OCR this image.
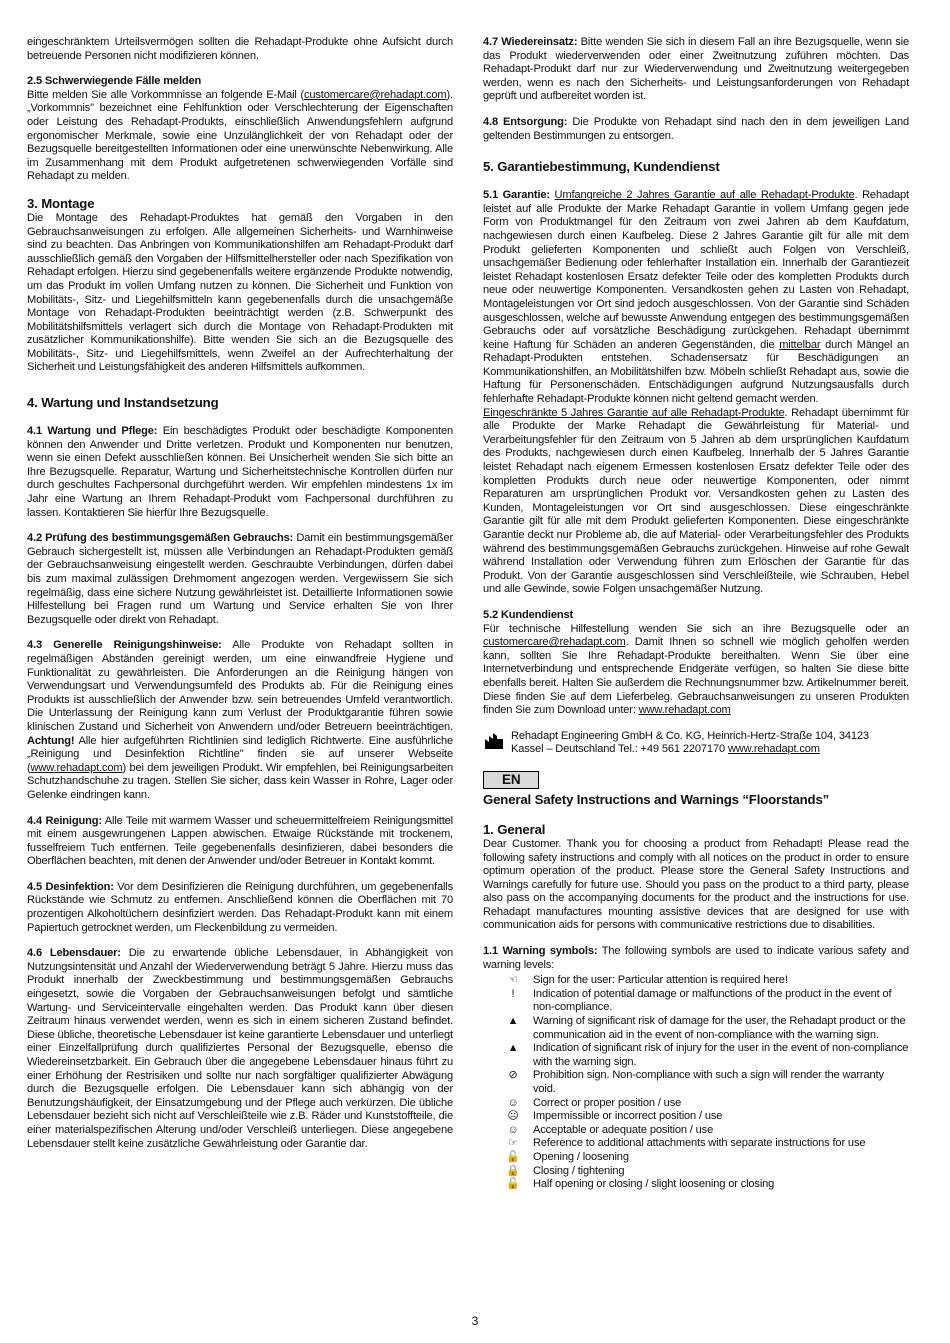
eingeschränktem Urteilsvermögen sollten die Rehadapt-Produkte ohne Aufsicht durch betreuende Personen nicht modifizieren können.

2.5 Schwerwiegende Fälle melden

Bitte melden Sie alle Vorkommnisse an folgende E-Mail (customercare@rehadapt.com). „Vorkommnis" bezeichnet eine Fehlfunktion oder Verschlechterung der Eigenschaften oder Leistung des Rehadapt-Produkts, einschließlich Anwendungsfehlern aufgrund ergonomischer Merkmale, sowie eine Unzulänglichkeit der von Rehadapt oder der Bezugsquelle bereitgestellten Informationen oder eine unerwünschte Nebenwirkung. Alle im Zusammenhang mit dem Produkt aufgetretenen schwerwiegenden Vorfälle sind Rehadapt zu melden.

3. Montage

Die Montage des Rehadapt-Produktes hat gemäß den Vorgaben in den Gebrauchsanweisungen zu erfolgen. Alle allgemeinen Sicherheits- und Warnhinweise sind zu beachten. Das Anbringen von Kommunikationshilfen am Rehadapt-Produkt darf ausschließlich gemäß den Vorgaben der Hilfsmittelhersteller oder nach Spezifikation von Rehadapt erfolgen. Hierzu sind gegebenenfalls weitere ergänzende Produkte notwendig, um das Produkt im vollen Umfang nutzen zu können. Die Sicherheit und Funktion von Mobilitäts-, Sitz- und Liegehilfsmitteln kann gegebenenfalls durch die unsachgemäße Montage von Rehadapt-Produkten beeinträchtigt werden (z.B. Schwerpunkt des Mobilitätshilfsmittels verlagert sich durch die Montage von Rehadapt-Produkten mit zusätzlicher Kommunikationshilfe). Bitte wenden Sie sich an die Bezugsquelle des Mobilitäts-, Sitz- und Liegehilfsmittels, wenn Zweifel an der Aufrechterhaltung der Sicherheit und Leistungsfähigkeit des anderen Hilfsmittels aufkommen.

4. Wartung und Instandsetzung

4.1 Wartung und Pflege: Ein beschädigtes Produkt oder beschädigte Komponenten können den Anwender und Dritte verletzen. Produkt und Komponenten nur benutzen, wenn sie einen Defekt ausschließen können. Bei Unsicherheit wenden Sie sich bitte an Ihre Bezugsquelle. Reparatur, Wartung und Sicherheitstechnische Kontrollen dürfen nur durch geschultes Fachpersonal durchgeführt werden. Wir empfehlen mindestens 1x im Jahr eine Wartung an Ihrem Rehadapt-Produkt vom Fachpersonal durchführen zu lassen. Kontaktieren Sie hierfür Ihre Bezugsquelle.

4.2 Prüfung des bestimmungsgemäßen Gebrauchs: Damit ein bestimmungsgemäßer Gebrauch sichergestellt ist, müssen alle Verbindungen an Rehadapt-Produkten gemäß der Gebrauchsanweisung eingestellt werden. Geschraubte Verbindungen, dürfen dabei bis zum maximal zulässigen Drehmoment angezogen werden. Vergewissern Sie sich regelmäßig, dass eine sichere Nutzung gewährleistet ist. Detaillierte Informationen sowie Hilfestellung bei Fragen rund um Wartung und Service erhalten Sie von Ihrer Bezugsquelle oder direkt von Rehadapt.

4.3 Generelle Reinigungshinweise: Alle Produkte von Rehadapt sollten in regelmäßigen Abständen gereinigt werden, um eine einwandfreie Hygiene und Funktionalität zu gewährleisten. Die Anforderungen an die Reinigung hängen von Verwendungsart und Verwendungsumfeld des Produkts ab. Für die Reinigung eines Produkts ist ausschließlich der Anwender bzw. sein betreuendes Umfeld verantwortlich. Die Unterlassung der Reinigung kann zum Verlust der Produktgarantie führen sowie klinischen Zustand und Sicherheit von Anwendern und/oder Betreuern beeinträchtigen. Achtung! Alle hier aufgeführten Richtlinien sind lediglich Richtwerte. Eine ausführliche „Reinigung und Desinfektion Richtline" finden sie auf unserer Webseite (www.rehadapt.com) bei dem jeweiligen Produkt. Wir empfehlen, bei Reinigungsarbeiten Schutzhandschuhe zu tragen. Stellen Sie sicher, dass kein Wasser in Rohre, Lager oder Gelenke eindringen kann.

4.4 Reinigung: Alle Teile mit warmem Wasser und scheuermittelfreiem Reinigungsmittel mit einem ausgewrungenen Lappen abwischen. Etwaige Rückstände mit trockenem, fusselfreiem Tuch entfernen. Teile gegebenenfalls desinfizieren, dabei besonders die Oberflächen beachten, mit denen der Anwender und/oder Betreuer in Kontakt kommt.

4.5 Desinfektion: Vor dem Desinfizieren die Reinigung durchführen, um gegebenenfalls Rückstände wie Schmutz zu entfernen. Anschließend können die Oberflächen mit 70 prozentigen Alkoholtüchern desinfiziert werden. Das Rehadapt-Produkt kann mit einem Papiertuch getrocknet werden, um Fleckenbildung zu vermeiden.

4.6 Lebensdauer: Die zu erwartende übliche Lebensdauer, in Abhängigkeit von Nutzungsintensität und Anzahl der Wiederverwendung beträgt 5 Jahre. Hierzu muss das Produkt innerhalb der Zweckbestimmung und bestimmungsgemäßen Gebrauchs eingesetzt, sowie die Vorgaben der Gebrauchsanweisungen befolgt und sämtliche Wartung- und Serviceintervalle eingehalten werden. Das Produkt kann über diesen Zeitraum hinaus verwendet werden, wenn es sich in einem sicheren Zustand befindet. Diese übliche, theoretische Lebensdauer ist keine garantierte Lebensdauer und unterliegt einer Einzelfallprüfung durch qualifiziertes Personal der Bezugsquelle, ebenso die Wiedereinsetzbarkeit. Ein Gebrauch über die angegebene Lebensdauer hinaus führt zu einer Erhöhung der Restrisiken und sollte nur nach sorgfältiger qualifizierter Abwägung durch die Bezugsquelle erfolgen. Die Lebensdauer kann sich abhängig von der Benutzungshäufigkeit, der Einsatzumgebung und der Pflege auch verkürzen. Die übliche Lebensdauer bezieht sich nicht auf Verschleißteile wie z.B. Räder und Kunststoffteile, die einer materialspezifischen Alterung und/oder Verschleiß unterliegen. Diese angegebene Lebensdauer stellt keine zusätzliche Gewährleistung oder Garantie dar.

4.7 Wiedereinsatz: Bitte wenden Sie sich in diesem Fall an ihre Bezugsquelle, wenn sie das Produkt wiederverwenden oder einer Zweitnutzung zuführen möchten. Das Rehadapt-Produkt darf nur zur Wiederverwendung und Zweitnutzung weitergegeben werden, wenn es nach den Sicherheits- und Leistungsanforderungen von Rehadapt geprüft und aufbereitet worden ist.

4.8 Entsorgung: Die Produkte von Rehadapt sind nach den in dem jeweiligen Land geltenden Bestimmungen zu entsorgen.

5. Garantiebestimmung, Kundendienst

5.1 Garantie: Umfangreiche 2 Jahres Garantie auf alle Rehadapt-Produkte. Rehadapt leistet auf alle Produkte der Marke Rehadapt Garantie in vollem Umfang gegen jede Form von Produktmangel für den Zeitraum von zwei Jahren ab dem Kaufdatum, nachgewiesen durch einen Kaufbeleg. Diese 2 Jahres Garantie gilt für alle mit dem Produkt gelieferten Komponenten und schließt auch Folgen von Verschleiß, unsachgemäßer Bedienung oder fehlerhafter Installation ein. Innerhalb der Garantiezeit leistet Rehadapt kostenlosen Ersatz defekter Teile oder des kompletten Produkts durch neue oder neuwertige Komponenten. Versandkosten gehen zu Lasten von Rehadapt, Montageleistungen vor Ort sind jedoch ausgeschlossen. Von der Garantie sind Schäden ausgeschlossen, welche auf bewusste Anwendung entgegen des bestimmungsgemäßen Gebrauchs oder auf vorsätzliche Beschädigung zurückgehen. Rehadapt übernimmt keine Haftung für Schäden an anderen Gegenständen, die mittelbar durch Mängel an Rehadapt-Produkten entstehen. Schadensersatz für Beschädigungen an Kommunikationshilfen, an Mobilitätshilfen bzw. Möbeln schließt Rehadapt aus, sowie die Haftung für Personenschäden. Entschädigungen aufgrund Nutzungsausfalls durch fehlerhafte Rehadapt-Produkte können nicht geltend gemacht werden.
Eingeschränkte 5 Jahres Garantie auf alle Rehadapt-Produkte. Rehadapt übernimmt für alle Produkte der Marke Rehadapt die Gewährleistung für Material- und Verarbeitungsfehler für den Zeitraum von 5 Jahren ab dem ursprünglichen Kaufdatum des Produkts, nachgewiesen durch einen Kaufbeleg. Innerhalb der 5 Jahres Garantie leistet Rehadapt nach eigenem Ermessen kostenlosen Ersatz defekter Teile oder des kompletten Produkts durch neue oder neuwertige Komponenten, oder nimmt Reparaturen am ursprünglichen Produkt vor. Versandkosten gehen zu Lasten des Kunden, Montageleistungen vor Ort sind ausgeschlossen. Diese eingeschränkte Garantie gilt für alle mit dem Produkt gelieferten Komponenten. Diese eingeschränkte Garantie deckt nur Probleme ab, die auf Material- oder Verarbeitungsfehler des Produkts während des bestimmungsgemäßen Gebrauchs zurückgehen. Hinweise auf rohe Gewalt während Installation oder Verwendung führen zum Erlöschen der Garantie für das Produkt. Von der Garantie ausgeschlossen sind Verschleißteile, wie Schrauben, Hebel und alle Gewinde, sowie Folgen unsachgemäßer Nutzung.

5.2 Kundendienst

Für technische Hilfestellung wenden Sie sich an ihre Bezugsquelle oder an customercare@rehadapt.com. Damit Ihnen so schnell wie möglich geholfen werden kann, sollten Sie Ihre Rehadapt-Produkte bereithalten. Wenn Sie über eine Internetverbindung und entsprechende Endgeräte verfügen, so halten Sie diese bitte ebenfalls bereit. Halten Sie außerdem die Rechnungsnummer bzw. Artikelnummer bereit. Diese finden Sie auf dem Lieferbeleg. Gebrauchsanweisungen zu unseren Produkten finden Sie zum Download unter: www.rehadapt.com

Rehadapt Engineering GmbH & Co. KG, Heinrich-Hertz-Straße 104, 34123
Kassel – Deutschland Tel.: +49 561 2207170 www.rehadapt.com
EN
General Safety Instructions and Warnings “Floorstands”
1. General

Dear Customer. Thank you for choosing a product from Rehadapt! Please read the following safety instructions and comply with all notices on the product in order to ensure optimum operation of the product. Please store the General Safety Instructions and Warnings carefully for future use. Should you pass on the product to a third party, please also pass on the accompanying documents for the product and the instructions for use. Rehadapt manufactures mounting assistive devices that are designed for use with communication aids for persons with communicative restrictions due to disabilities.

1.1 Warning symbols: The following symbols are used to indicate various safety and warning levels:

☜	Sign for the user: Particular attention is required here!
!	Indication of potential damage or malfunctions of the product in the event of non-compliance.
▲	Warning of significant risk of damage for the user, the Rehadapt product or the communication aid in the event of non-compliance with the warning sign.
▲	Indication of significant risk of injury for the user in the event of non-compliance with the warning sign.
⊘	Prohibition sign. Non-compliance with such a sign will render the warranty void.
☺	Correct or proper position / use
☹	Impermissible or incorrect position / use
☺	Acceptable or adequate position / use
☞	Reference to additional attachments with separate instructions for use
🔓	Opening / loosening
🔒	Closing / tightening
🔓	Half opening or closing / slight loosening or closing
3
